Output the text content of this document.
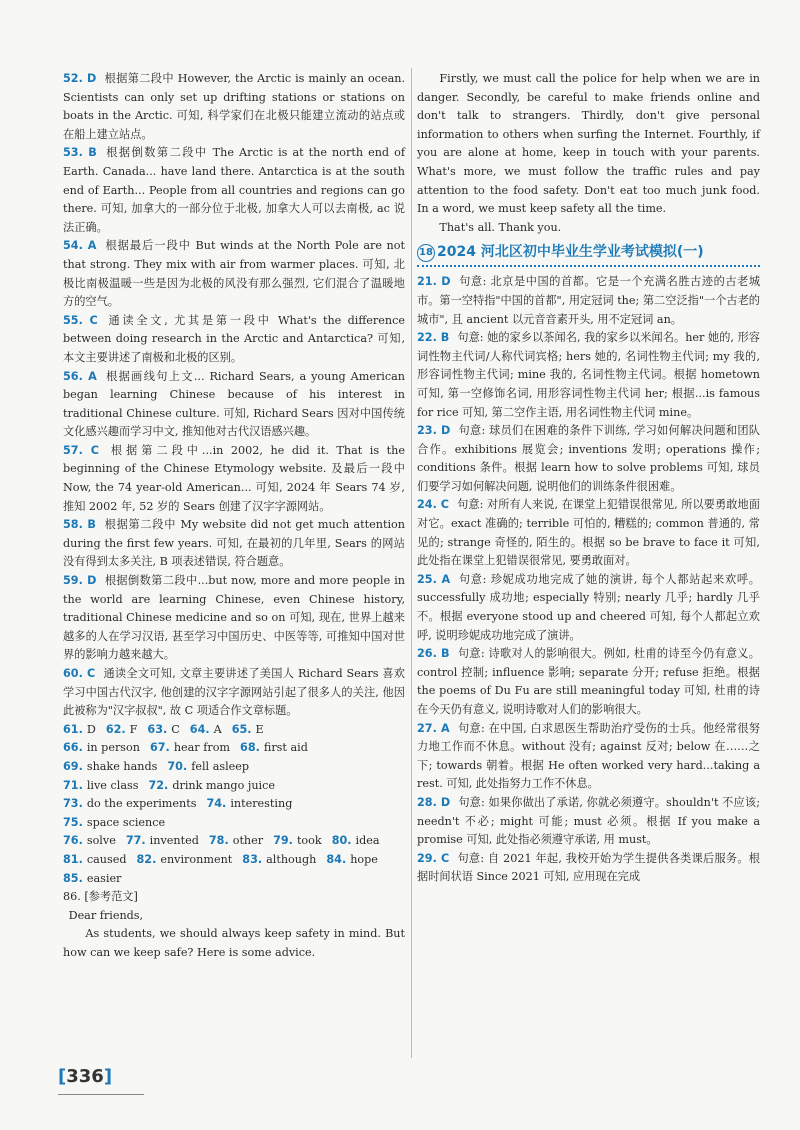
52. D 根据第二段中 However, the Arctic is mainly an ocean. Scientists can only set up drifting stations or stations on boats in the Arctic. 可知, 科学家们在北极只能建立流动的站点或在船上建立站点。

53. B 根据倒数第二段中 The Arctic is at the north end of Earth. Canada... have land there. Antarctica is at the south end of Earth... People from all countries and regions can go there. 可知, 加拿大的一部分位于北极, 加拿大人可以去南极, ac 说法正确。

54. A 根据最后一段中 But winds at the North Pole are not that strong. They mix with air from warmer places. 可知, 北极比南极温暖一些是因为北极的风没有那么强烈, 它们混合了温暖地方的空气。

55. C 通读全文, 尤其是第一段中 What's the difference between doing research in the Arctic and Antarctica? 可知, 本文主要讲述了南极和北极的区别。

56. A 根据画线句上文... Richard Sears, a young American began learning Chinese because of his interest in traditional Chinese culture. 可知, Richard Sears 因对中国传统文化感兴趣而学习中文, 推知他对古代汉语感兴趣。

57. C 根据第二段中...in 2002, he did it. That is the beginning of the Chinese Etymology website. 及最后一段中 Now, the 74 year-old American... 可知, 2024 年 Sears 74 岁, 推知 2002 年, 52 岁的 Sears 创建了汉字字源网站。

58. B 根据第二段中 My website did not get much attention during the first few years. 可知, 在最初的几年里, Sears 的网站没有得到太多关注, B 项表述错误, 符合题意。

59. D 根据倒数第二段中...but now, more and more people in the world are learning Chinese, even Chinese history, traditional Chinese medicine and so on 可知, 现在, 世界上越来越多的人在学习汉语, 甚至学习中国历史、中医等等, 可推知中国对世界的影响力越来越大。

60. C 通读全文可知, 文章主要讲述了美国人 Richard Sears 喜欢学习中国古代汉字, 他创建的汉字字源网站引起了很多人的关注, 他因此被称为"汉字叔叔", 故 C 项适合作文章标题。

61. D 62. F 63. C 64. A 65. E
66. in person 67. hear from 68. first aid
69. shake hands 70. fell asleep
71. live class 72. drink mango juice
73. do the experiments 74. interesting
75. space science
76. solve 77. invented 78. other 79. took 80. idea
81. caused 82. environment 83. although 84. hope
85. easier

86. [参考范文]

Dear friends,

As students, we should always keep safety in mind. But how can we keep safe? Here is some advice.

Firstly, we must call the police for help when we are in danger. Secondly, be careful to make friends online and don't talk to strangers. Thirdly, don't give personal information to others when surfing the Internet. Fourthly, if you are alone at home, keep in touch with your parents. What's more, we must follow the traffic rules and pay attention to the food safety. Don't eat too much junk food. In a word, we must keep safety all the time.

That's all. Thank you.

18 2024 河北区初中毕业生学业考试模拟(一)

21. D 句意: 北京是中国的首都。它是一个充满名胜古迹的古老城市。第一空特指"中国的首都", 用定冠词 the; 第二空泛指"一个古老的城市", 且 ancient 以元音音素开头, 用不定冠词 an。

22. B 句意: 她的家乡以茶闻名, 我的家乡以米闻名。her 她的, 形容词性物主代词/人称代词宾格; hers 她的, 名词性物主代词; my 我的, 形容词性物主代词; mine 我的, 名词性物主代词。根据 hometown 可知, 第一空修饰名词, 用形容词性物主代词 her; 根据...is famous for rice 可知, 第二空作主语, 用名词性物主代词 mine。

23. D 句意: 球员们在困难的条件下训练, 学习如何解决问题和团队合作。exhibitions 展览会; inventions 发明; operations 操作; conditions 条件。根据 learn how to solve problems 可知, 球员们要学习如何解决问题, 说明他们的训练条件很困难。

24. C 句意: 对所有人来说, 在课堂上犯错误很常见, 所以要勇敢地面对它。exact 准确的; terrible 可怕的, 糟糕的; common 普通的, 常见的; strange 奇怪的, 陌生的。根据 so be brave to face it 可知, 此处指在课堂上犯错误很常见, 要勇敢面对。

25. A 句意: 珍妮成功地完成了她的演讲, 每个人都站起来欢呼。successfully 成功地; especially 特别; nearly 几乎; hardly 几乎不。根据 everyone stood up and cheered 可知, 每个人都起立欢呼, 说明珍妮成功地完成了演讲。

26. B 句意: 诗歌对人的影响很大。例如, 杜甫的诗至今仍有意义。control 控制; influence 影响; separate 分开; refuse 拒绝。根据 the poems of Du Fu are still meaningful today 可知, 杜甫的诗在今天仍有意义, 说明诗歌对人们的影响很大。

27. A 句意: 在中国, 白求恩医生帮助治疗受伤的士兵。他经常很努力地工作而不休息。without 没有; against 反对; below 在……之下; towards 朝着。根据 He often worked very hard...taking a rest. 可知, 此处指努力工作不休息。

28. D 句意: 如果你做出了承诺, 你就必须遵守。shouldn't 不应该; needn't 不必; might 可能; must 必须。根据 If you make a promise 可知, 此处指必须遵守承诺, 用 must。

29. C 句意: 自 2021 年起, 我校开始为学生提供各类课后服务。根据时间状语 Since 2021 可知, 应用现在完成

[336]
